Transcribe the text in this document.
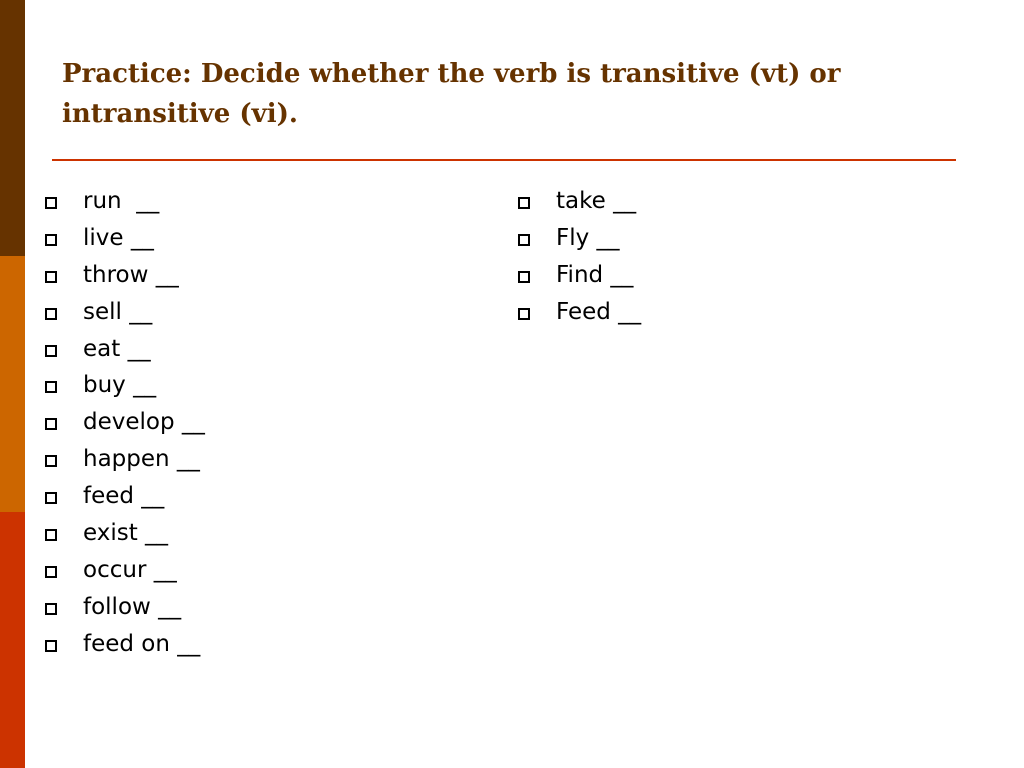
Practice: Decide whether the verb is transitive (vt) or intransitive (vi).
run  __
live __
throw __
sell __
eat __
buy __
develop __
happen __
feed __
exist __
occur __
follow __
feed on __
take __
Fly __
Find __
Feed __
